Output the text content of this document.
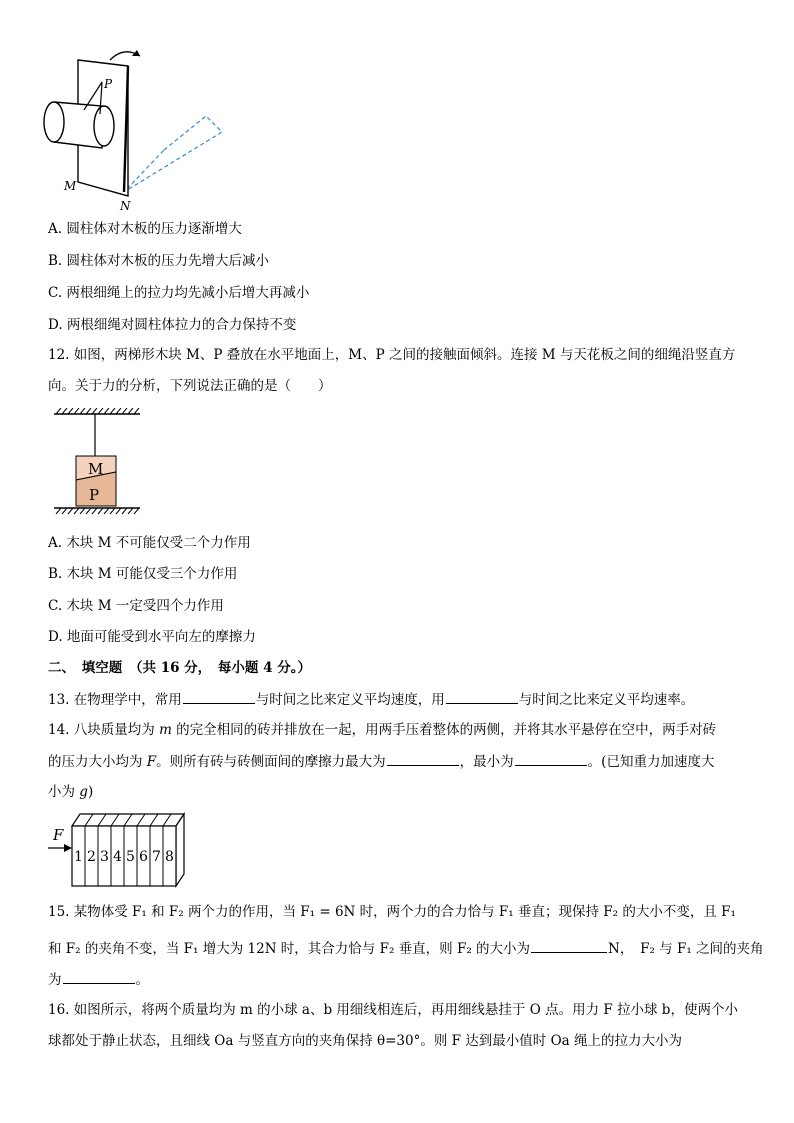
P
M
N
A. 圆柱体对木板的压力逐渐增大
B. 圆柱体对木板的压力先增大后减小
C. 两根细绳上的拉力均先减小后增大再减小
D. 两根细绳对圆柱体拉力的合力保持不变
12. 如图，两梯形木块 M、P 叠放在水平地面上，M、P 之间的接触面倾斜。连接 M 与天花板之间的细绳沿竖直方
向。关于力的分析，下列说法正确的是（　　）
M
P
A. 木块 M 不可能仅受二个力作用
B. 木块 M 可能仅受三个力作用
C. 木块 M 一定受四个力作用
D. 地面可能受到水平向左的摩擦力
二、　填空题　（共 16 分，　每小题 4 分。）
13. 在物理学中，常用	与时间之比来定义平均速度，用	与时间之比来定义平均速率。
14. 八块质量均为 m 的完全相同的砖并排放在一起，用两手压着整体的两侧，并将其水平悬停在空中，两手对砖
的压力大小均为 F。则所有砖与砖侧面间的摩擦力最大为	，最小为	。(已知重力加速度大
小为 g)
F
1 2 3 4 5 6 7 8
15. 某物体受 F₁ 和 F₂ 两个力的作用，当 F₁ = 6N 时，两个力的合力恰与 F₁ 垂直；现保持 F₂ 的大小不变，且 F₁
和 F₂ 的夹角不变，当 F₁ 增大为 12N 时，其合力恰与 F₂ 垂直，则 F₂ 的大小为	N，　F₂ 与 F₁ 之间的夹角
为	。
16. 如图所示，将两个质量均为 m 的小球 a、b 用细线相连后，再用细线悬挂于 O 点。用力 F 拉小球 b，使两个小
球都处于静止状态，且细线 Oa 与竖直方向的夹角保持 θ=30°。则 F 达到最小值时 Oa 绳上的拉力大小为
